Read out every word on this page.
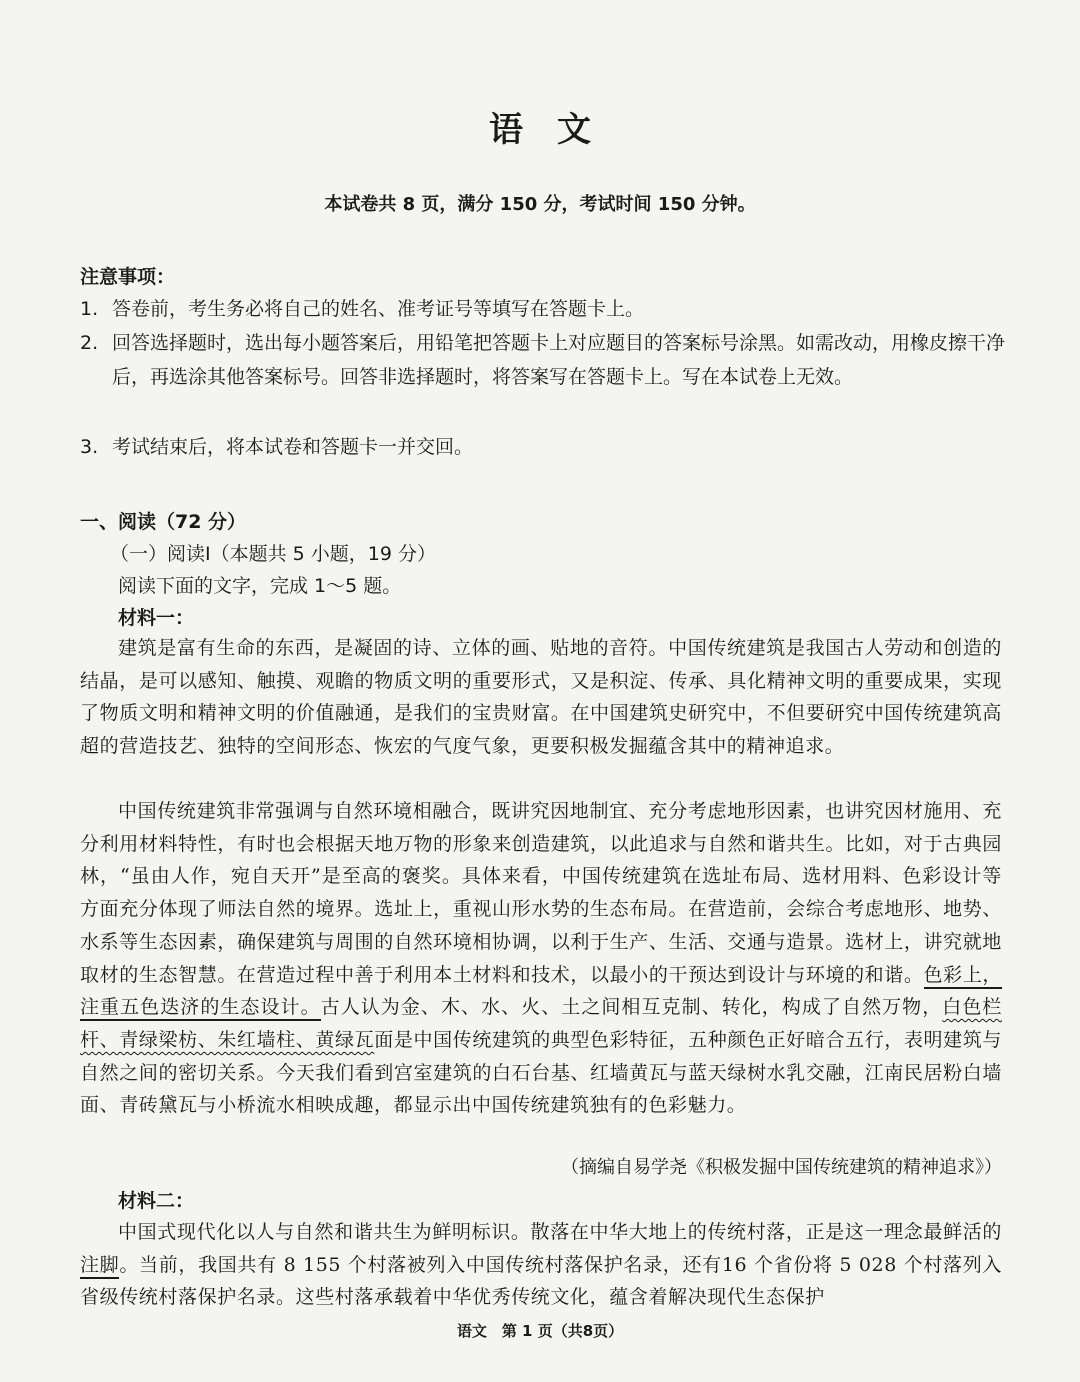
语文
本试卷共 8 页，满分 150 分，考试时间 150 分钟。
注意事项：
1. 答卷前，考生务必将自己的姓名、准考证号等填写在答题卡上。
2. 回答选择题时，选出每小题答案后，用铅笔把答题卡上对应题目的答案标号涂黑。如需改动，用橡皮擦干净后，再选涂其他答案标号。回答非选择题时，将答案写在答题卡上。写在本试卷上无效。
3. 考试结束后，将本试卷和答题卡一并交回。
一、阅读（72 分）
（一）阅读Ⅰ（本题共 5 小题，19 分）
阅读下面的文字，完成 1～5 题。
材料一：
建筑是富有生命的东西，是凝固的诗、立体的画、贴地的音符。中国传统建筑是我国古人劳动和创造的结晶，是可以感知、触摸、观瞻的物质文明的重要形式，又是积淀、传承、具化精神文明的重要成果，实现了物质文明和精神文明的价值融通，是我们的宝贵财富。在中国建筑史研究中，不但要研究中国传统建筑高超的营造技艺、独特的空间形态、恢宏的气度气象，更要积极发掘蕴含其中的精神追求。
中国传统建筑非常强调与自然环境相融合，既讲究因地制宜、充分考虑地形因素，也讲究因材施用、充分利用材料特性，有时也会根据天地万物的形象来创造建筑，以此追求与自然和谐共生。比如，对于古典园林，“虽由人作，宛自天开”是至高的褒奖。具体来看，中国传统建筑在选址布局、选材用料、色彩设计等方面充分体现了师法自然的境界。选址上，重视山形水势的生态布局。在营造前，会综合考虑地形、地势、水系等生态因素，确保建筑与周围的自然环境相协调，以利于生产、生活、交通与造景。选材上，讲究就地取材的生态智慧。在营造过程中善于利用本土材料和技术，以最小的干预达到设计与环境的和谐。色彩上，注重五色迭济的生态设计。古人认为金、木、水、火、土之间相互克制、转化，构成了自然万物，白色栏杆、青绿梁枋、朱红墙柱、黄绿瓦面是中国传统建筑的典型色彩特征，五种颜色正好暗合五行，表明建筑与自然之间的密切关系。今天我们看到宫室建筑的白石台基、红墙黄瓦与蓝天绿树水乳交融，江南民居粉白墙面、青砖黛瓦与小桥流水相映成趣，都显示出中国传统建筑独有的色彩魅力。
（摘编自易学尧《积极发掘中国传统建筑的精神追求》）
材料二：
中国式现代化以人与自然和谐共生为鲜明标识。散落在中华大地上的传统村落，正是这一理念最鲜活的注脚。当前，我国共有 8 155 个村落被列入中国传统村落保护名录，还有16 个省份将 5 028 个村落列入省级传统村落保护名录。这些村落承载着中华优秀传统文化，蕴含着解决现代生态保护
语文　第 1 页（共8页）
